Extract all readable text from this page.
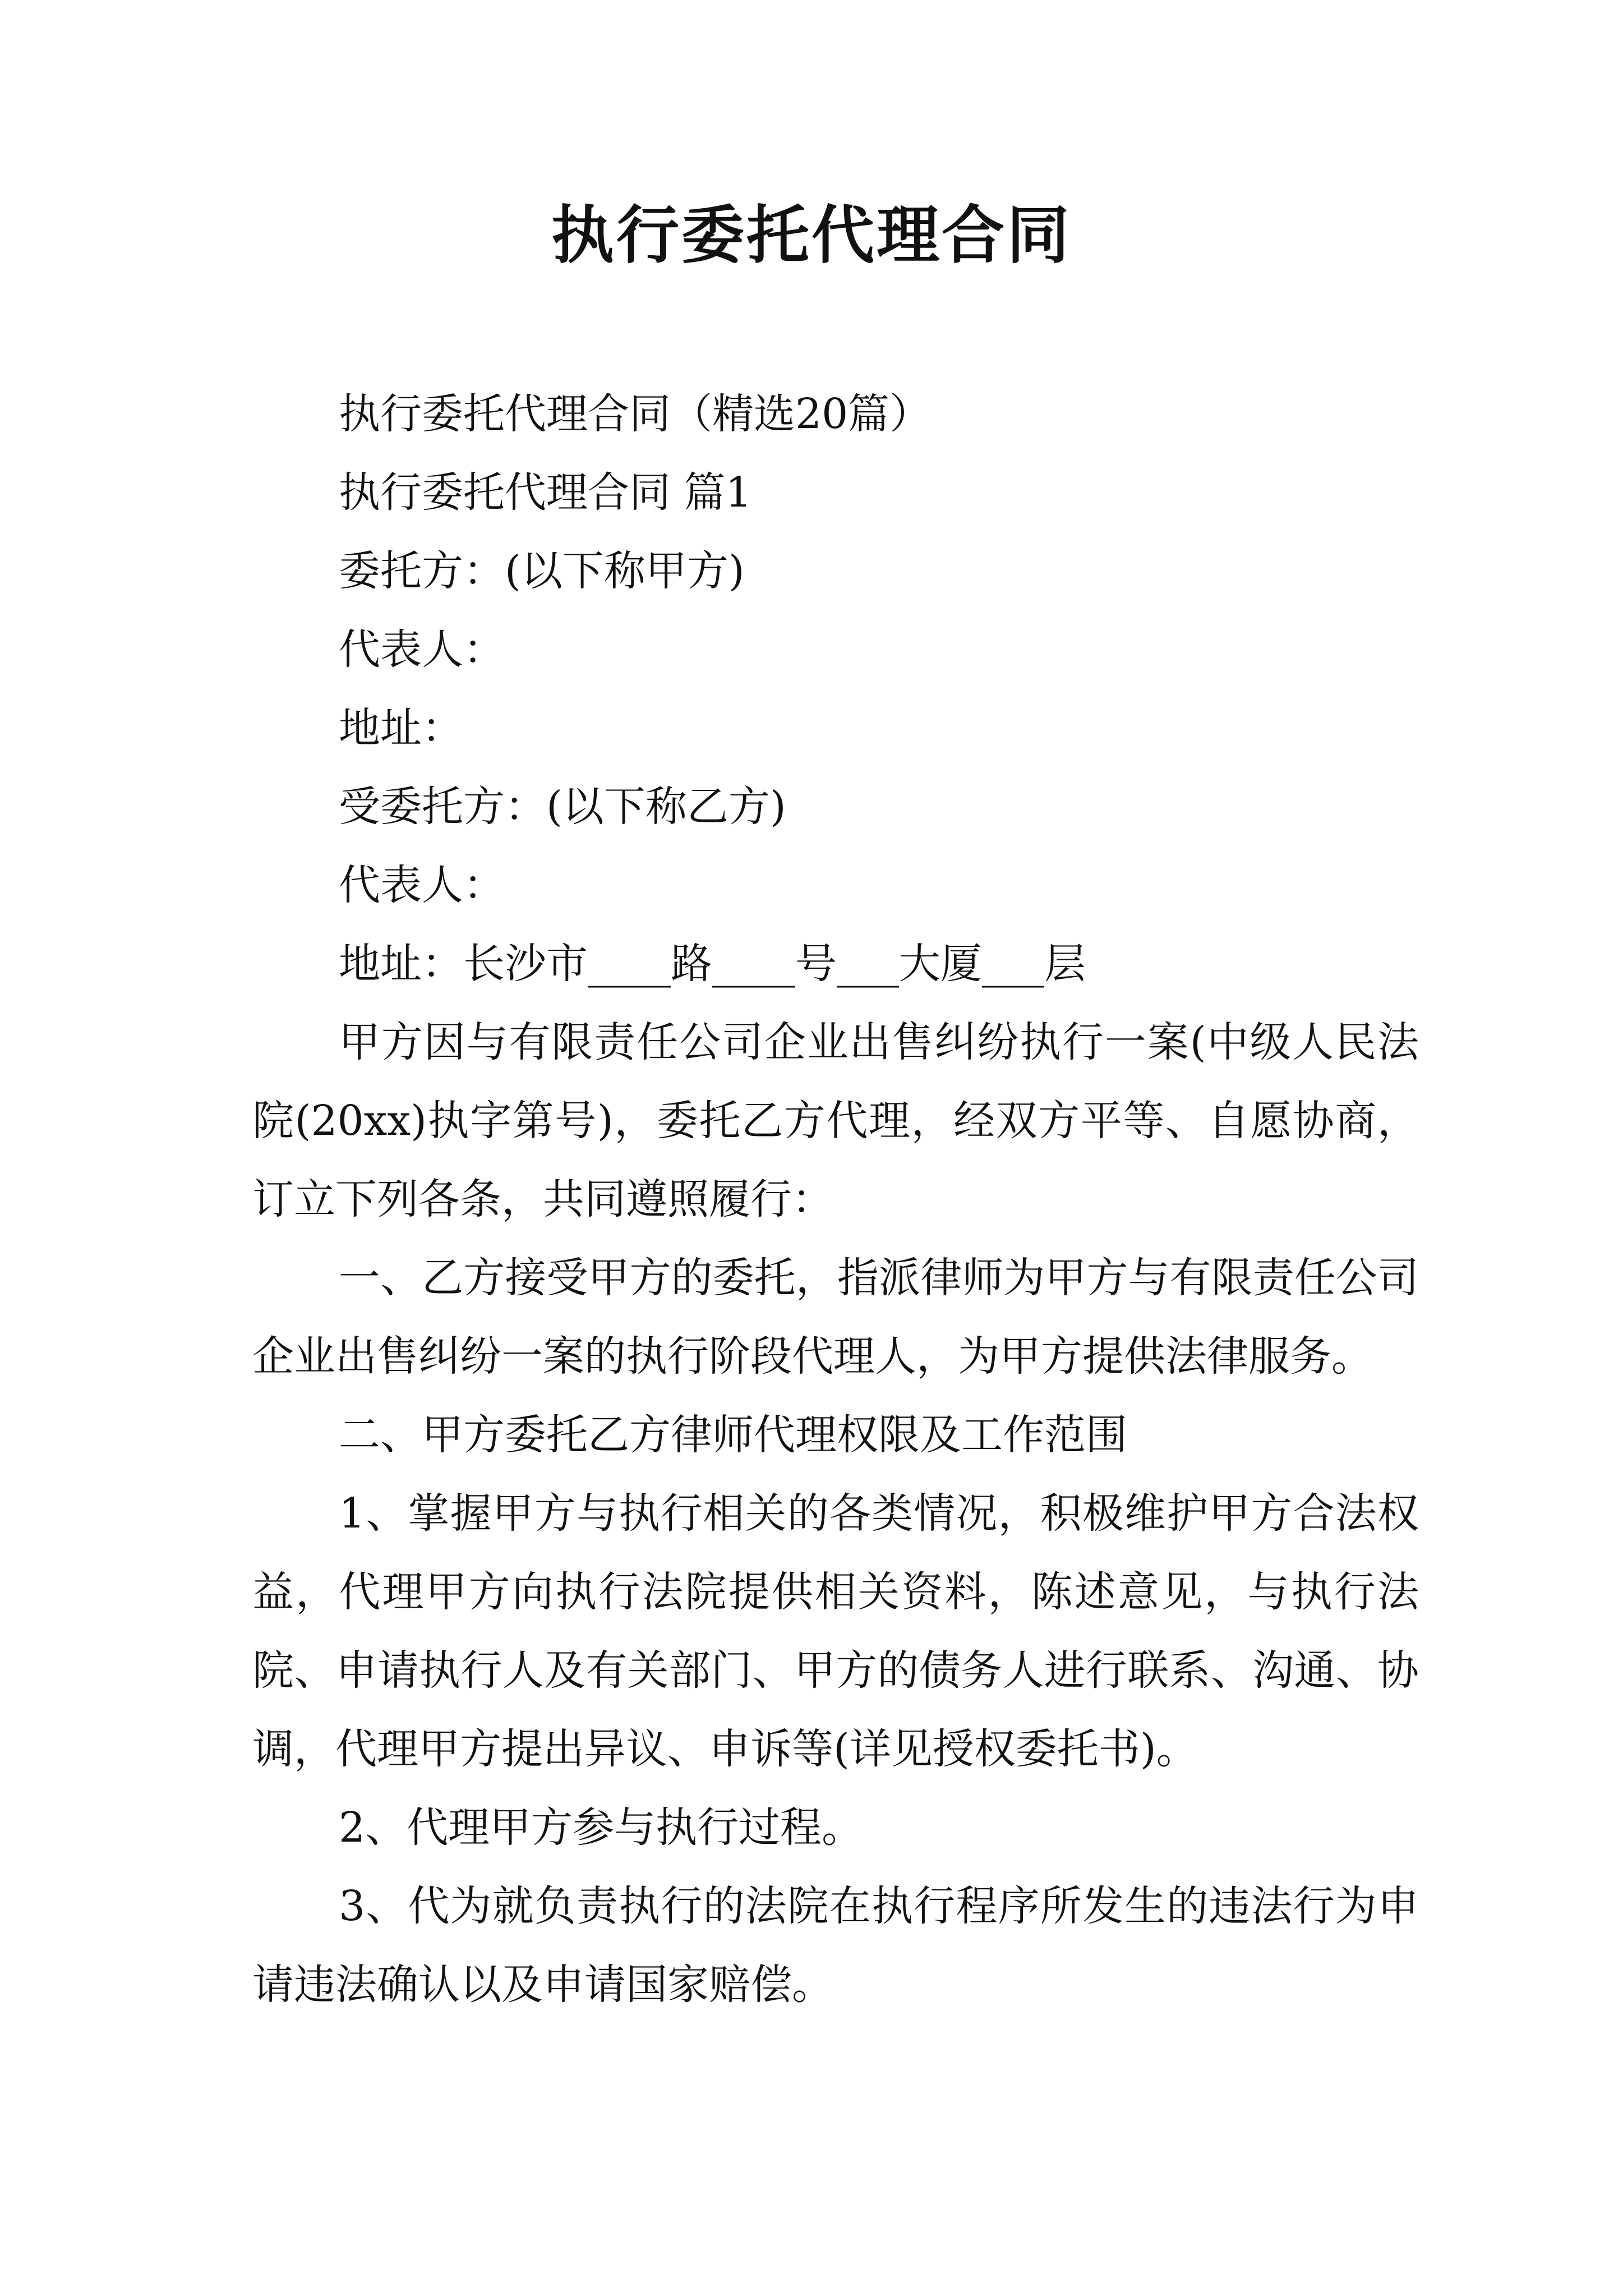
执行委托代理合同

执行委托代理合同（精选20篇）

执行委托代理合同 篇1

委托方：(以下称甲方)

代表人：

地址：

受委托方：(以下称乙方)

代表人：

地址：长沙市____路____号___大厦___层

甲方因与有限责任公司企业出售纠纷执行一案(中级人民法院(20xx)执字第号)，委托乙方代理，经双方平等、自愿协商，订立下列各条，共同遵照履行：

一、乙方接受甲方的委托，指派律师为甲方与有限责任公司企业出售纠纷一案的执行阶段代理人，为甲方提供法律服务。

二、甲方委托乙方律师代理权限及工作范围

1、掌握甲方与执行相关的各类情况，积极维护甲方合法权益，代理甲方向执行法院提供相关资料，陈述意见，与执行法院、申请执行人及有关部门、甲方的债务人进行联系、沟通、协调，代理甲方提出异议、申诉等(详见授权委托书)。

2、代理甲方参与执行过程。

3、代为就负责执行的法院在执行程序所发生的违法行为申请违法确认以及申请国家赔偿。
